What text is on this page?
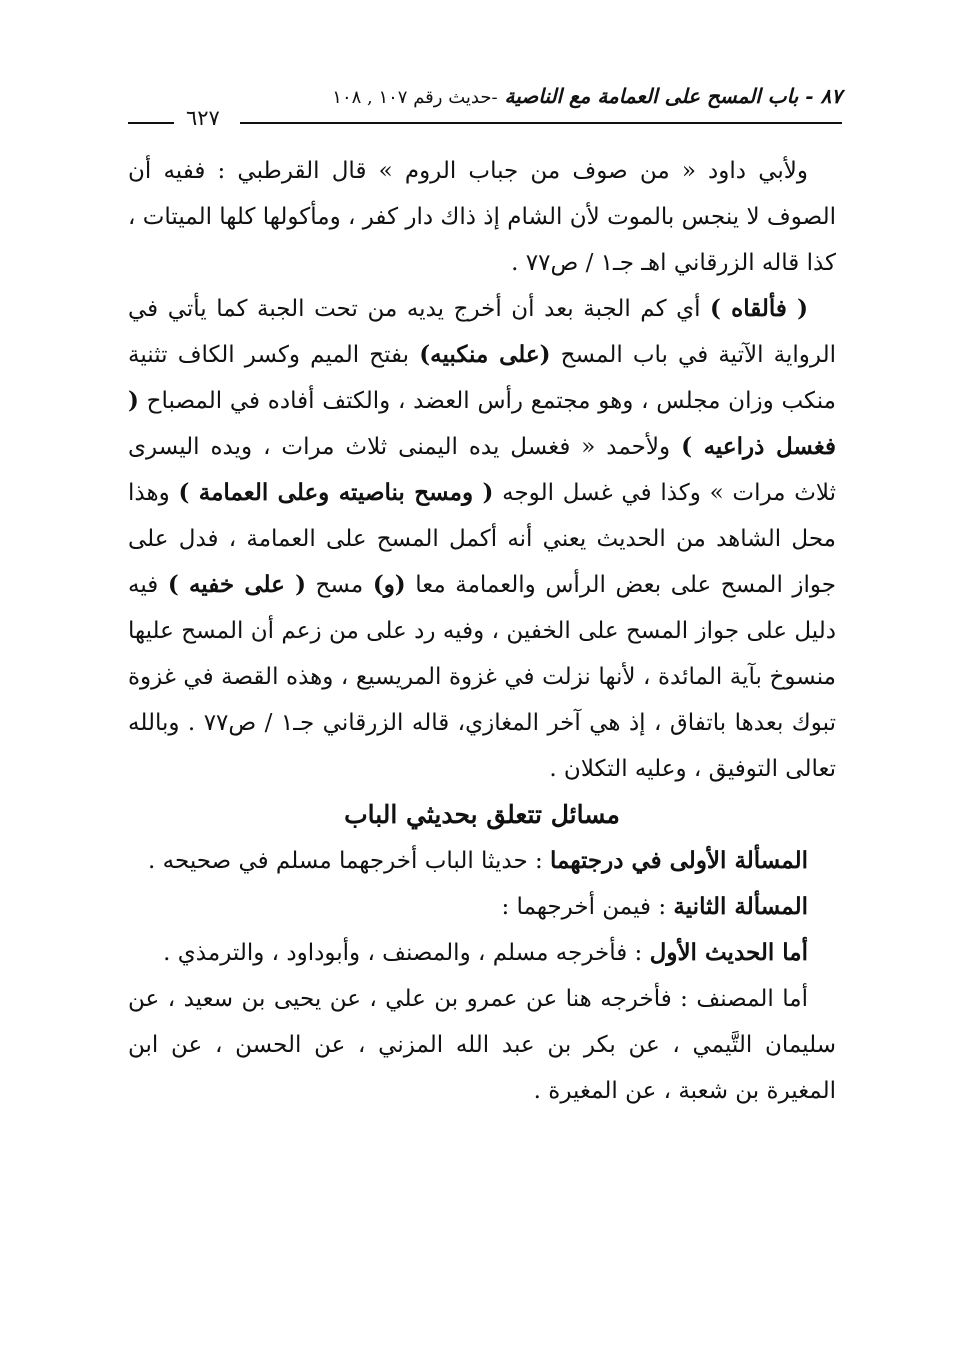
٨٧ - باب المسح على العمامة مع الناصية -حديث رقم ١٠٧ , ١٠٨
٦٢٧

ولأبي داود « من صوف من جباب الروم » قال القرطبي : ففيه أن الصوف لا ينجس بالموت لأن الشام إذ ذاك دار كفر ، ومأكولها كلها الميتات ، كذا قاله الزرقاني اهـ جـ١ / ص٧٧ .

( فألقاه ) أي كم الجبة بعد أن أخرج يديه من تحت الجبة كما يأتي في الرواية الآتية في باب المسح (على منكبيه) بفتح الميم وكسر الكاف تثنية منكب وزان مجلس ، وهو مجتمع رأس العضد ، والكتف أفاده في المصباح ( فغسل ذراعيه ) ولأحمد « فغسل يده اليمنى ثلاث مرات ، ويده اليسرى ثلاث مرات » وكذا في غسل الوجه ( ومسح بناصيته وعلى العمامة ) وهذا محل الشاهد من الحديث يعني أنه أكمل المسح على العمامة ، فدل على جواز المسح على بعض الرأس والعمامة معا (و) مسح ( على خفيه ) فيه دليل على جواز المسح على الخفين ، وفيه رد على من زعم أن المسح عليها منسوخ بآية المائدة ، لأنها نزلت في غزوة المريسيع ، وهذه القصة في غزوة تبوك بعدها باتفاق ، إذ هي آخر المغازي، قاله الزرقاني جـ١ / ص٧٧ . وبالله تعالى التوفيق ، وعليه التكلان .

مسائل تتعلق بحديثي الباب

المسألة الأولى في درجتهما : حديثا الباب أخرجهما مسلم في صحيحه .

المسألة الثانية : فيمن أخرجهما :

أما الحديث الأول : فأخرجه مسلم ، والمصنف ، وأبوداود ، والترمذي .

أما المصنف : فأخرجه هنا عن عمرو بن علي ، عن يحيى بن سعيد ، عن سليمان التَّيمي ، عن بكر بن عبد الله المزني ، عن الحسن ، عن ابن المغيرة بن شعبة ، عن المغيرة .
